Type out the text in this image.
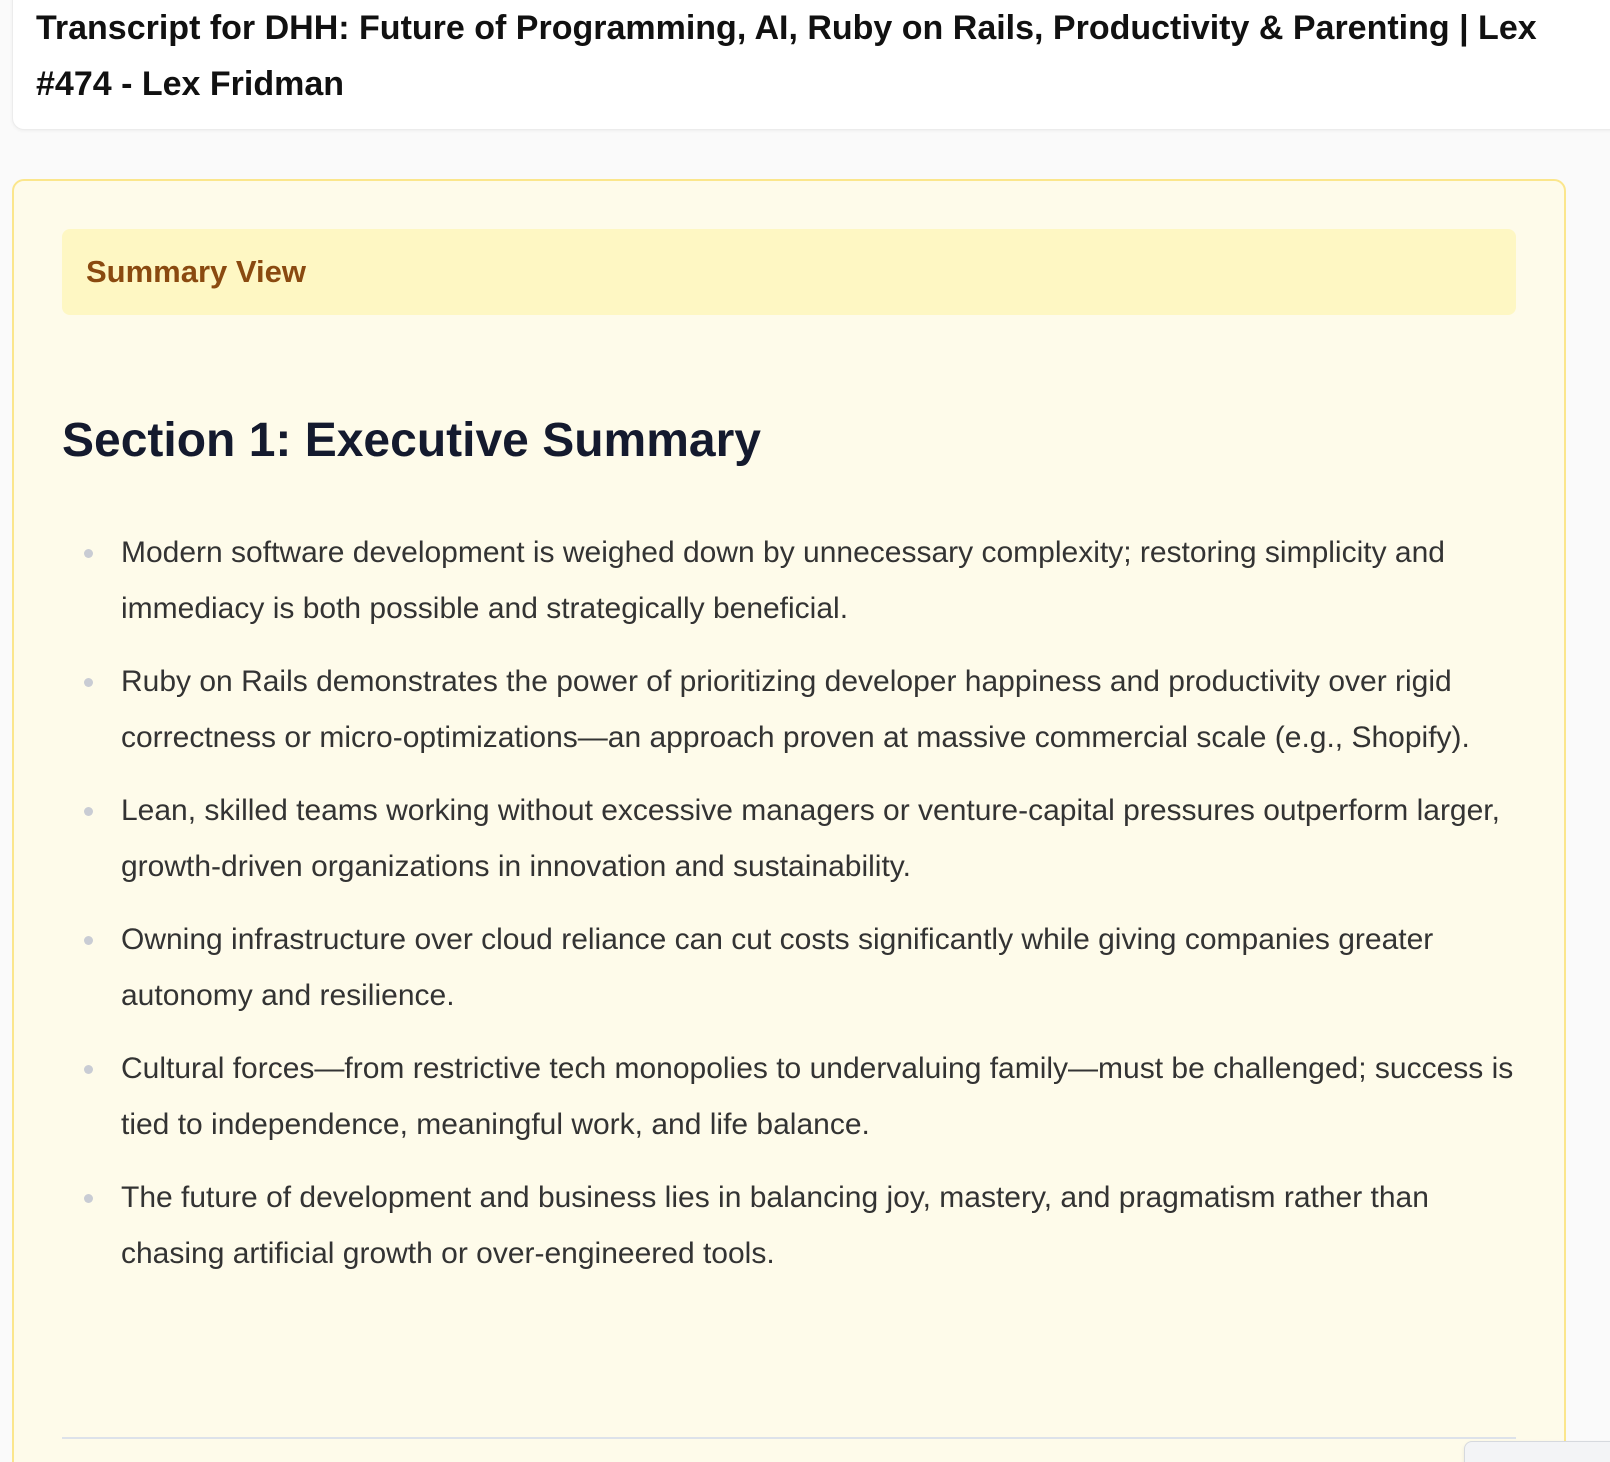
Transcript for DHH: Future of Programming, AI, Ruby on Rails, Productivity & Parenting | Lex
#474 - Lex Fridman
Summary View
Section 1: Executive Summary
Modern software development is weighed down by unnecessary complexity; restoring simplicity and immediacy is both possible and strategically beneficial.
Ruby on Rails demonstrates the power of prioritizing developer happiness and productivity over rigid correctness or micro-optimizations—an approach proven at massive commercial scale (e.g., Shopify).
Lean, skilled teams working without excessive managers or venture-capital pressures outperform larger, growth-driven organizations in innovation and sustainability.
Owning infrastructure over cloud reliance can cut costs significantly while giving companies greater autonomy and resilience.
Cultural forces—from restrictive tech monopolies to undervaluing family—must be challenged; success is tied to independence, meaningful work, and life balance.
The future of development and business lies in balancing joy, mastery, and pragmatism rather than chasing artificial growth or over-engineered tools.
